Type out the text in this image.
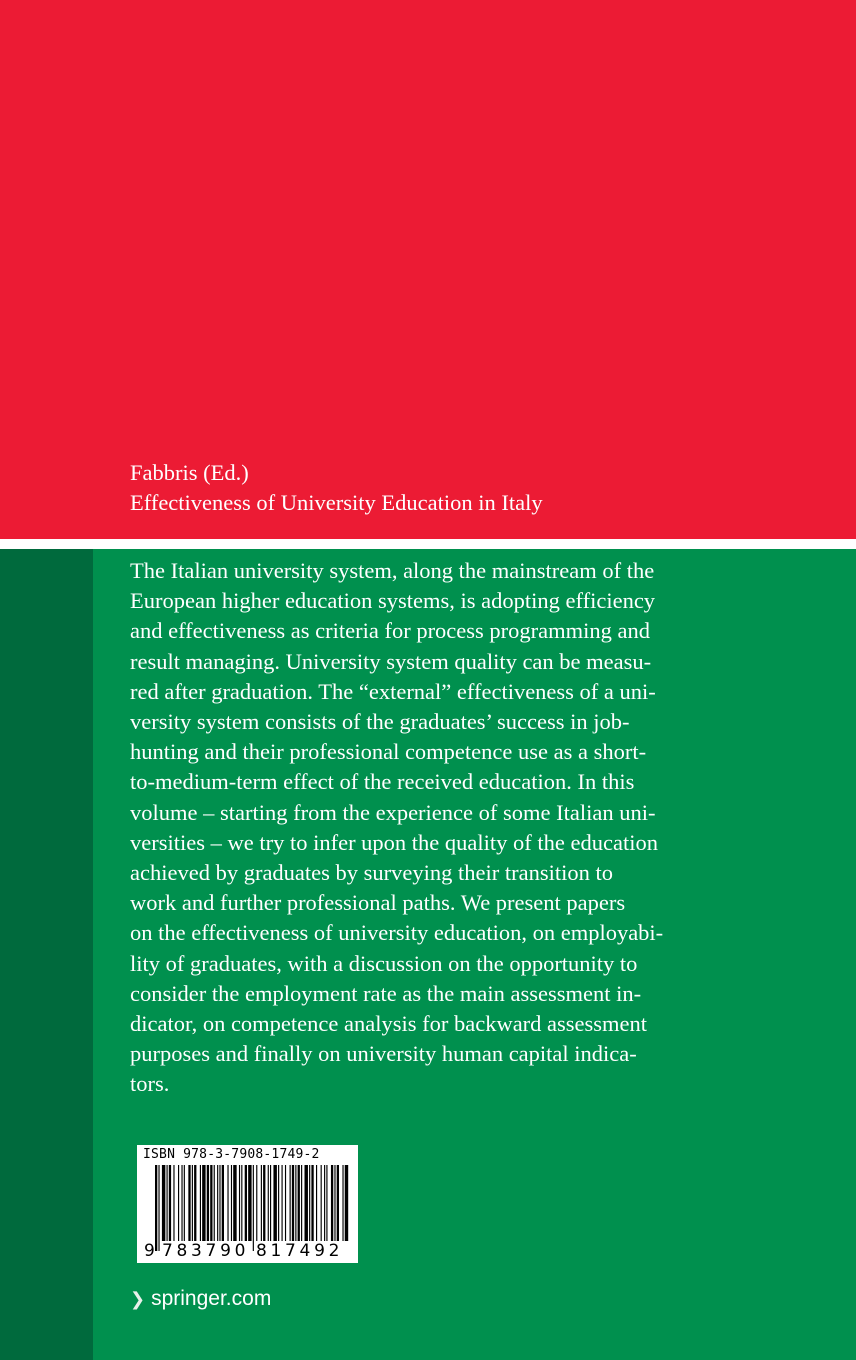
Fabbris (Ed.)
Effectiveness of University Education in Italy
The Italian university system, along the mainstream of the
European higher education systems, is adopting efficiency
and effectiveness as criteria for process programming and
result managing. University system quality can be measu-
red after graduation. The “external” effectiveness of a uni-
versity system consists of the graduates’ success in job-
hunting and their professional competence use as a short-
to-medium-term effect of the received education. In this
volume – starting from the experience of some Italian uni-
versities – we try to infer upon the quality of the education
achieved by graduates by surveying their transition to
work and further professional paths. We present papers
on the effectiveness of university education, on employabi-
lity of graduates, with a discussion on the opportunity to
consider the employment rate as the main assessment in-
dicator, on competence analysis for backward assessment
purposes and finally on university human capital indica-
tors.
ISBN 978-3-7908-1749-2
9 783790 817492
❯ springer.com
